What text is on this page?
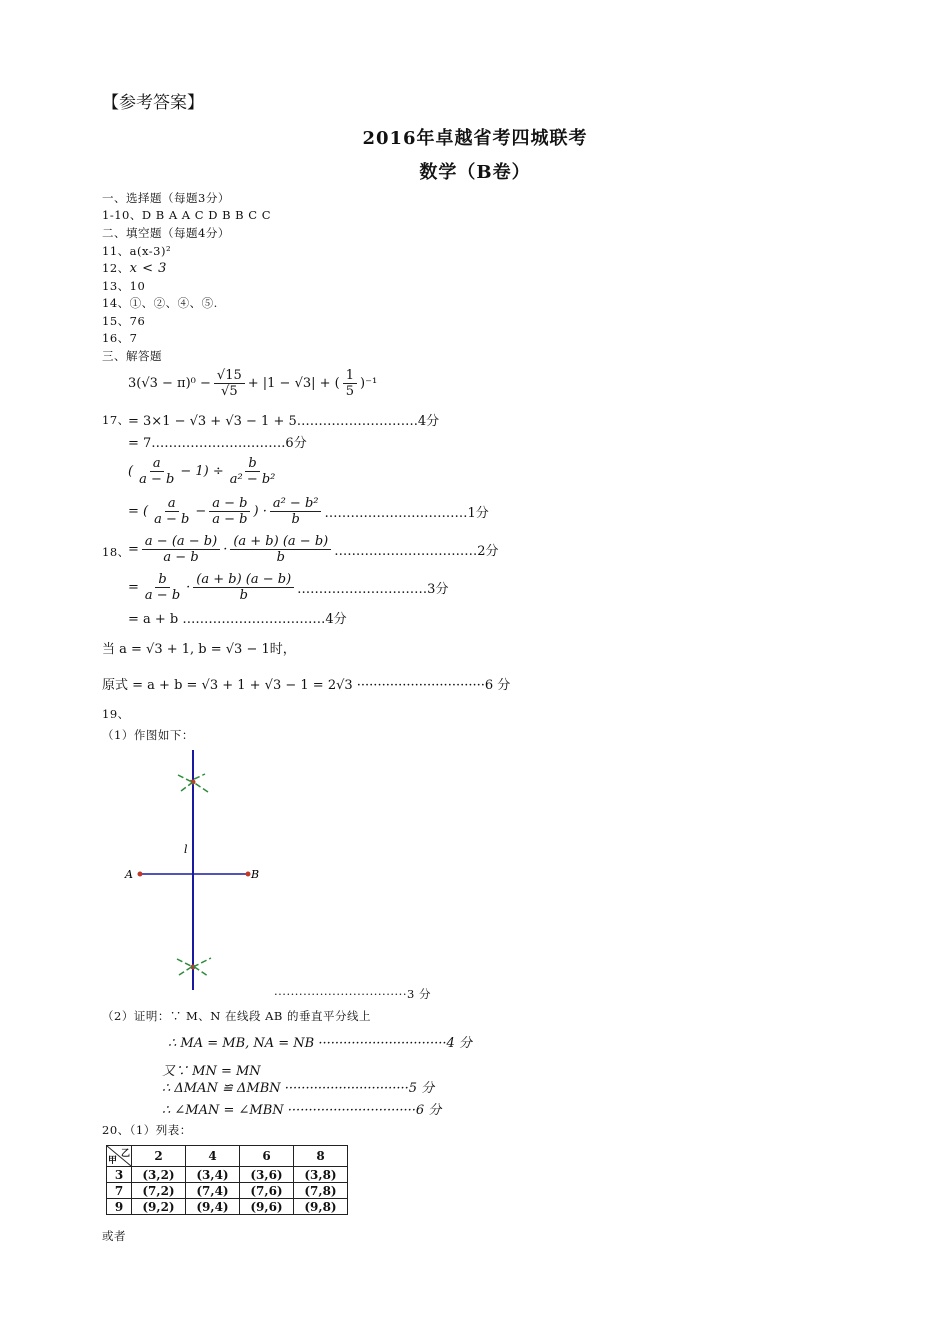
【参考答案】
2016年卓越省考四城联考
数学（B卷）
一、选择题（每题3分）
1-10、D B A A C D B B C C
二、填空题（每题4分）
11、a(x-3)²
12、x < 3
13、10
14、①、②、④、⑤.
15、76
16、7
三、解答题
$3(√3 - \pi)^0 - \frac{√15}{√5} + |1 - √3|$ + ( $\frac{1}{5} )^{-1}$
17、
= 3×1 − √3 + √3 − 1 + 5……………………….4分
= 7………………………….6分
( $\frac{a}{a - b} - 1) \div \frac{b}{\text{a² − b²}}$
= ( $\frac{a}{a - b} - \frac{a - b}{a - b}$ ) · $\frac{\text{a² − b²}}{b}$ ……………………………1分
18、
= $\frac{a - (a - b)}{a - b} \cdot \frac{(a + b) (a - b)}{b}$ ……………………………2分
= $\frac{b}{a - b} \cdot \frac{(a + b) (a - b)}{b}$ …………………………3分
= a + b ……………………………4分
当 a = √3 + 1, b = √3 − 1时，
原式 = a + b = √3 + 1 + √3 − 1 = 2√3 ·······························6 分
19、
（1）作图如下：
A	B
l
································3 分
（2）证明：∵ M、N 在线段 AB 的垂直平分线上
∴ MA = MB, NA = NB ·······························4 分
又∵ MN = MN
∴ ΔMAN ≌ ΔMBN ······························5 分
∴ ∠MAN = ∠MBN ·······························6 分
20、（1）列表：
乙
甲	2	4	6	8
3	(3,2)	(3,4)	(3,6)	(3,8)
7	(7,2)	(7,4)	(7,6)	(7,8)
9	(9,2)	(9,4)	(9,6)	(9,8)
或者
